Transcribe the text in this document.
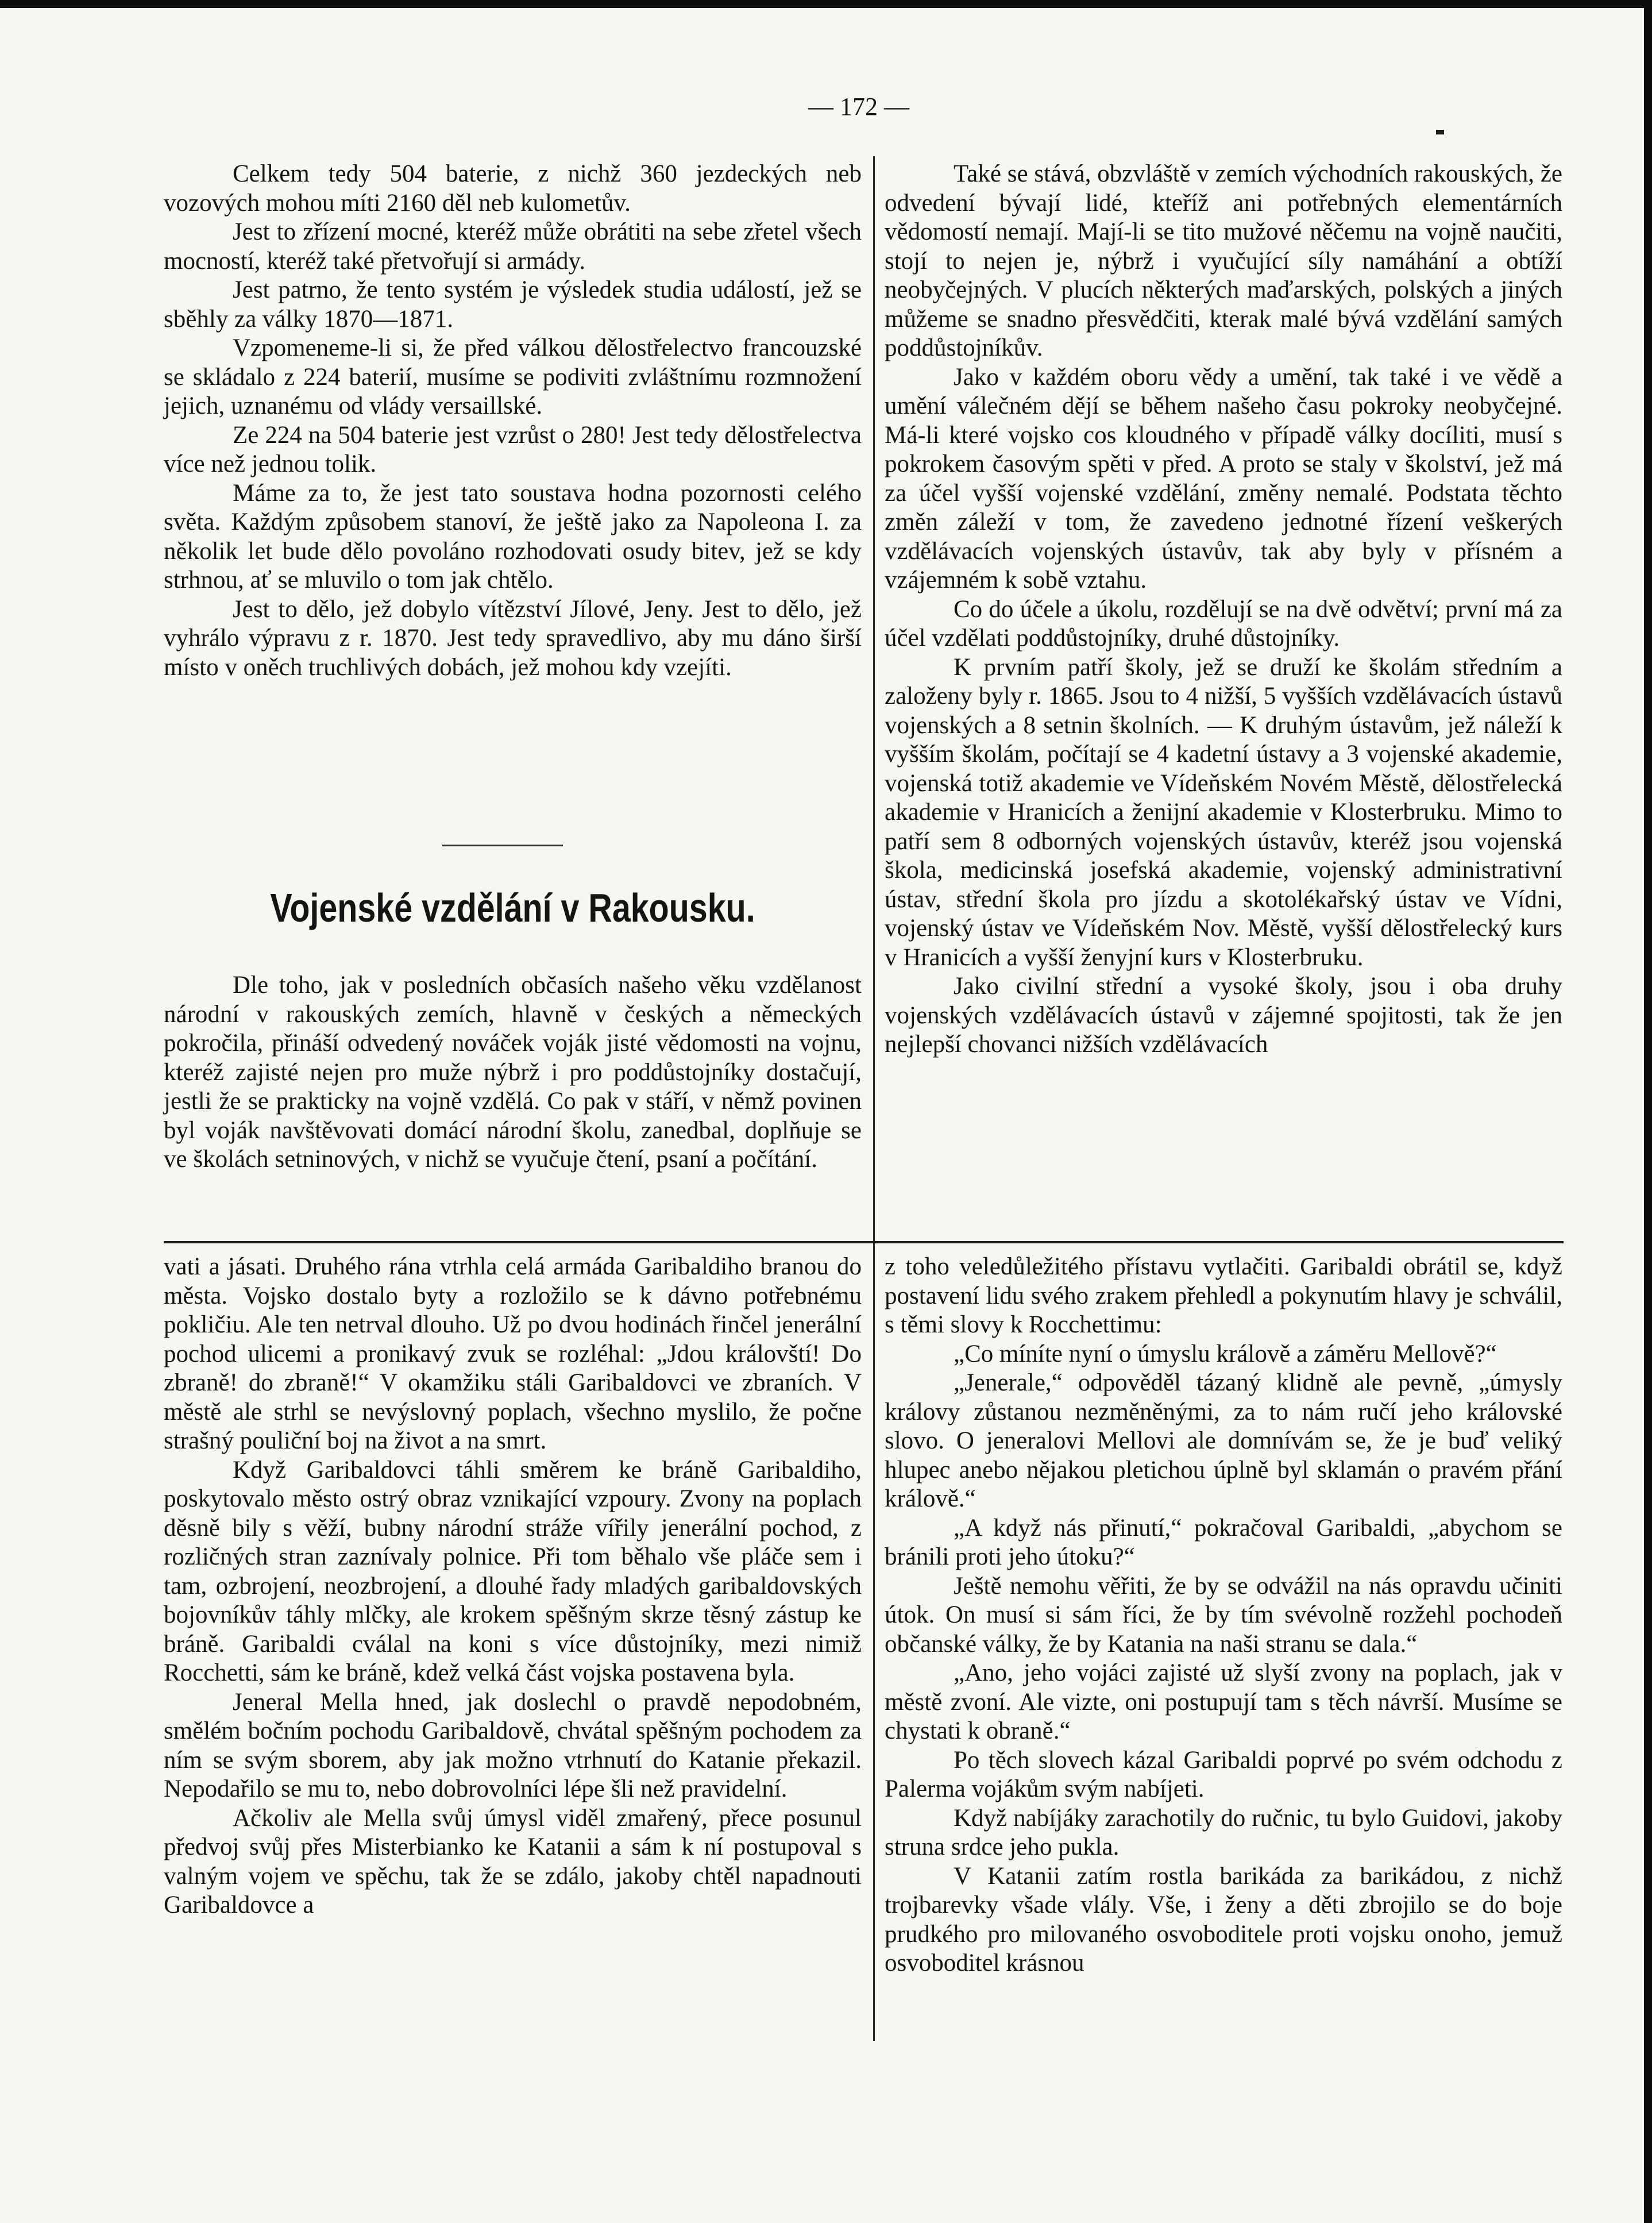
— 172 —

Celkem tedy 504 baterie, z nichž 360 jezdeckých neb vozových mohou míti 2160 děl neb kulometův.

Jest to zřízení mocné, kteréž může obrátiti na sebe zřetel všech mocností, kteréž také přetvořují si armády.

Jest patrno, že tento systém je výsledek studia událostí, jež se sběhly za války 1870—1871.

Vzpomeneme-li si, že před válkou dělostřelectvo francouzské se skládalo z 224 baterií, musíme se podiviti zvláštnímu rozmnožení jejich, uznanému od vlády versaillské.

Ze 224 na 504 baterie jest vzrůst o 280! Jest tedy dělostřelectva více než jednou tolik.

Máme za to, že jest tato soustava hodna pozornosti celého světa. Každým způsobem stanoví, že ještě jako za Napoleona I. za několik let bude dělo povoláno rozhodovati osudy bitev, jež se kdy strhnou, ať se mluvilo o tom jak chtělo.

Jest to dělo, jež dobylo vítězství Jílové, Jeny. Jest to dělo, jež vyhrálo výpravu z r. 1870. Jest tedy spravedlivo, aby mu dáno širší místo v oněch truchlivých dobách, jež mohou kdy vzejíti.

Vojenské vzdělání v Rakousku.

Dle toho, jak v posledních občasích našeho věku vzdělanost národní v rakouských zemích, hlavně v českých a německých pokročila, přináší odvedený nováček voják jisté vědomosti na vojnu, kteréž zajisté nejen pro muže nýbrž i pro poddůstojníky dostačují, jestli že se prakticky na vojně vzdělá. Co pak v stáří, v němž povinen byl voják navštěvovati domácí národní školu, zanedbal, doplňuje se ve školách setninových, v nichž se vyučuje čtení, psaní a počítání.

Také se stává, obzvláště v zemích východních rakouských, že odvedení bývají lidé, kteříž ani potřebných elementárních vědomostí nemají. Mají-li se tito mužové něčemu na vojně naučiti, stojí to nejen je, nýbrž i vyučující síly namáhání a obtíží neobyčejných. V plucích některých maďarských, polských a jiných můžeme se snadno přesvědčiti, kterak malé bývá vzdělání samých poddůstojníkův.

Jako v každém oboru vědy a umění, tak také i ve vědě a umění válečném dějí se během našeho času pokroky neobyčejné. Má-li které vojsko cos kloudného v případě války docíliti, musí s pokrokem časovým spěti v před. A proto se staly v školství, jež má za účel vyšší vojenské vzdělání, změny nemalé. Podstata těchto změn záleží v tom, že zavedeno jednotné řízení veškerých vzdělávacích vojenských ústavův, tak aby byly v přísném a vzájemném k sobě vztahu.

Co do účele a úkolu, rozdělují se na dvě odvětví; první má za účel vzdělati poddůstojníky, druhé důstojníky.

K prvním patří školy, jež se druží ke školám středním a založeny byly r. 1865. Jsou to 4 nižší, 5 vyšších vzdělávacích ústavů vojenských a 8 setnin školních. — K druhým ústavům, jež náleží k vyšším školám, počítají se 4 kadetní ústavy a 3 vojenské akademie, vojenská totiž akademie ve Vídeňském Novém Městě, dělostřelecká akademie v Hranicích a ženijní akademie v Klosterbruku. Mimo to patří sem 8 odborných vojenských ústavův, kteréž jsou vojenská škola, medicinská josefská akademie, vojenský administrativní ústav, střední škola pro jízdu a skotolékařský ústav ve Vídni, vojenský ústav ve Vídeňském Nov. Městě, vyšší dělostřelecký kurs v Hranicích a vyšší ženyjní kurs v Klosterbruku.

Jako civilní střední a vysoké školy, jsou i oba druhy vojenských vzdělávacích ústavů v zájemné spojitosti, tak že jen nejlepší chovanci nižších vzdělávacích

vati a jásati. Druhého rána vtrhla celá armáda Garibaldiho branou do města. Vojsko dostalo byty a rozložilo se k dávno potřebnému pokličiu. Ale ten netrval dlouho. Už po dvou hodinách řinčel jenerální pochod ulicemi a pronikavý zvuk se rozléhal: „Jdou královští! Do zbraně! do zbraně!“ V okamžiku stáli Garibaldovci ve zbraních. V městě ale strhl se nevýslovný poplach, všechno myslilo, že počne strašný pouliční boj na život a na smrt.

Když Garibaldovci táhli směrem ke bráně Garibaldiho, poskytovalo město ostrý obraz vznikající vzpoury. Zvony na poplach děsně bily s věží, bubny národní stráže vířily jenerální pochod, z rozličných stran zaznívaly polnice. Při tom běhalo vše pláče sem i tam, ozbrojení, neozbrojení, a dlouhé řady mladých garibaldovských bojovníkův táhly mlčky, ale krokem spěšným skrze těsný zástup ke bráně. Garibaldi cválal na koni s více důstojníky, mezi nimiž Rocchetti, sám ke bráně, kdež velká část vojska postavena byla.

Jeneral Mella hned, jak doslechl o pravdě nepodobném, smělém bočním pochodu Garibaldově, chvátal spěšným pochodem za ním se svým sborem, aby jak možno vtrhnutí do Katanie překazil. Nepodařilo se mu to, nebo dobrovolníci lépe šli než pravidelní.

Ačkoliv ale Mella svůj úmysl viděl zmařený, přece posunul předvoj svůj přes Misterbianko ke Katanii a sám k ní postupoval s valným vojem ve spěchu, tak že se zdálo, jakoby chtěl napadnouti Garibaldovce a

z toho veledůležitého přístavu vytlačiti. Garibaldi obrátil se, když postavení lidu svého zrakem přehledl a pokynutím hlavy je schválil, s těmi slovy k Rocchettimu:

„Co míníte nyní o úmyslu králově a záměru Mellově?“

„Jenerale,“ odpověděl tázaný klidně ale pevně, „úmysly královy zůstanou nezměněnými, za to nám ručí jeho královské slovo. O jeneralovi Mellovi ale domnívám se, že je buď veliký hlupec anebo nějakou pletichou úplně byl sklamán o pravém přání králově.“

„A když nás přinutí,“ pokračoval Garibaldi, „abychom se bránili proti jeho útoku?“

Ještě nemohu věřiti, že by se odvážil na nás opravdu učiniti útok. On musí si sám říci, že by tím svévolně rozžehl pochodeň občanské války, že by Katania na naši stranu se dala.“

„Ano, jeho vojáci zajisté už slyší zvony na poplach, jak v městě zvoní. Ale vizte, oni postupují tam s těch návrší. Musíme se chystati k obraně.“

Po těch slovech kázal Garibaldi poprvé po svém odchodu z Palerma vojákům svým nabíjeti.

Když nabíjáky zarachotily do ručnic, tu bylo Guidovi, jakoby struna srdce jeho pukla.

V Katanii zatím rostla barikáda za barikádou, z nichž trojbarevky všade vlály. Vše, i ženy a děti zbrojilo se do boje prudkého pro milovaného osvoboditele proti vojsku onoho, jemuž osvoboditel krásnou
